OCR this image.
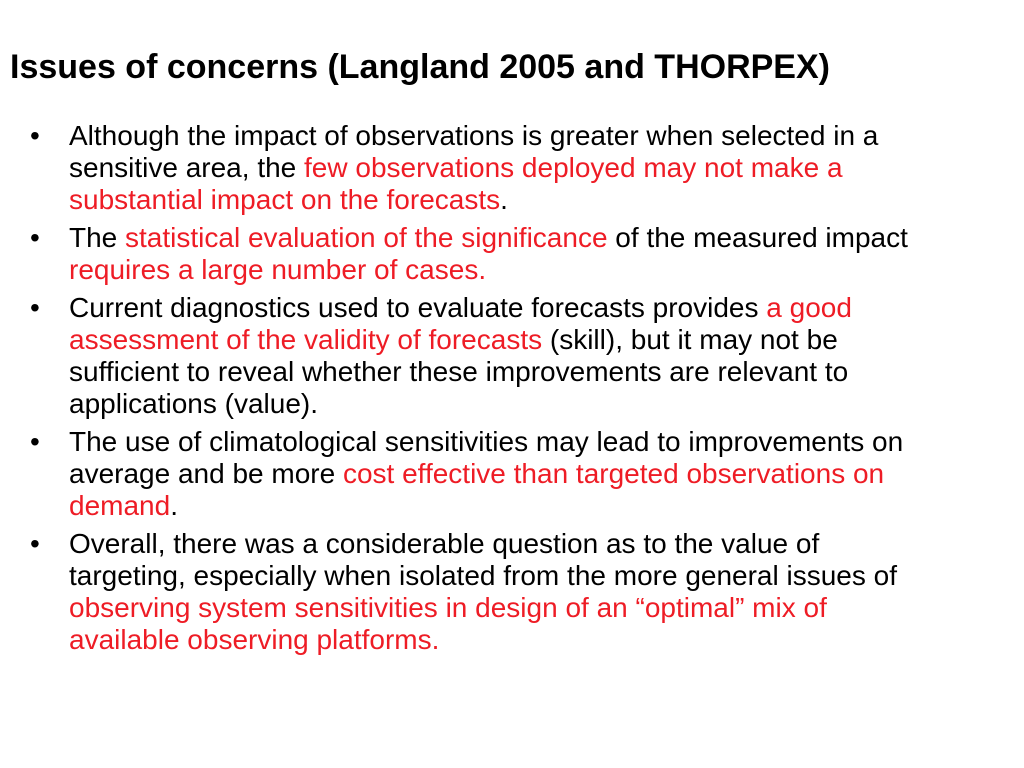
Issues of concerns (Langland 2005 and THORPEX)
• Although the impact of observations is greater when selected in a sensitive area, the few observations deployed may not make a substantial impact on the forecasts.
• The statistical evaluation of the significance of the measured impact requires a large number of cases.
• Current diagnostics used to evaluate forecasts provides a good assessment of the validity of forecasts (skill), but it may not be sufficient to reveal whether these improvements are relevant to applications (value).
• The use of climatological sensitivities may lead to improvements on average and be more cost effective than targeted observations on demand.
• Overall, there was a considerable question as to the value of targeting, especially when isolated from the more general issues of observing system sensitivities in design of an “optimal” mix of available observing platforms.
